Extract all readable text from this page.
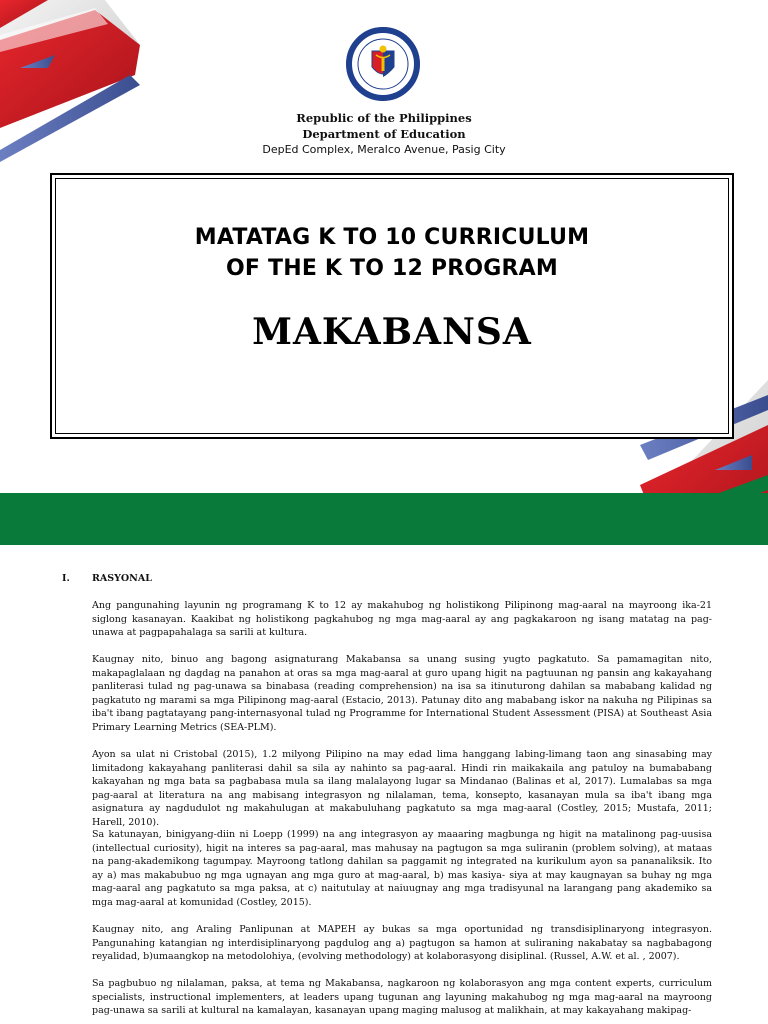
Republic of the Philippines
Department of Education
DepEd Complex, Meralco Avenue, Pasig City
MATATAG K TO 10 CURRICULUM
OF THE K TO 12 PROGRAM
MAKABANSA
I. RASYONAL

Ang pangunahing layunin ng programang K to 12 ay makahubog ng holistikong Pilipinong mag-aaral na mayroong ika-21 siglong kasanayan. Kaakibat ng holistikong pagkahubog ng mga mag-aaral ay ang pagkakaroon ng isang matatag na pag-unawa at pagpapahalaga sa sarili at kultura.

Kaugnay nito, binuo ang bagong asignaturang Makabansa sa unang susing yugto pagkatuto. Sa pamamagitan nito, makapaglalaan ng dagdag na panahon at oras sa mga mag-aaral at guro upang higit na pagtuunan ng pansin ang kakayahang panliterasi tulad ng pag-unawa sa binabasa (reading comprehension) na isa sa itinuturong dahilan sa mababang kalidad ng pagkatuto ng marami sa mga Pilipinong mag-aaral (Estacio, 2013). Patunay dito ang mababang iskor na nakuha ng Pilipinas sa iba't ibang pagtatayang pang-internasyonal tulad ng Programme for International Student Assessment (PISA) at Southeast Asia Primary Learning Metrics (SEA-PLM).

Ayon sa ulat ni Cristobal (2015), 1.2 milyong Pilipino na may edad lima hanggang labing-limang taon ang sinasabing may limitadong kakayahang panliterasi dahil sa sila ay nahinto sa pag-aaral. Hindi rin maikakaila ang patuloy na bumababang kakayahan ng mga bata sa pagbabasa mula sa ilang malalayong lugar sa Mindanao (Balinas et al, 2017). Lumalabas sa mga pag-aaral at literatura na ang mabisang integrasyon ng nilalaman, tema, konsepto, kasanayan mula sa iba't ibang mga asignatura ay nagdudulot ng makahulugan at makabuluhang pagkatuto sa mga mag-aaral (Costley, 2015; Mustafa, 2011; Harell, 2010).

Sa katunayan, binigyang-diin ni Loepp (1999) na ang integrasyon ay maaaring magbunga ng higit na matalinong pag-uusisa (intellectual curiosity), higit na interes sa pag-aaral, mas mahusay na pagtugon sa mga suliranin (problem solving), at mataas na pang-akademikong tagumpay. Mayroong tatlong dahilan sa paggamit ng integrated na kurikulum ayon sa pananaliksik. Ito ay a) mas makabubuo ng mga ugnayan ang mga guro at mag-aaral, b) mas kasiya- siya at may kaugnayan sa buhay ng mga mag-aaral ang pagkatuto sa mga paksa, at c) naitutulay at naiuugnay ang mga tradisyunal na larangang pang akademiko sa mga mag-aaral at komunidad (Costley, 2015).

Kaugnay nito, ang Araling Panlipunan at MAPEH ay bukas sa mga oportunidad ng transdisiplinaryong integrasyon. Pangunahing katangian ng interdisiplinaryong pagdulog ang a) pagtugon sa hamon at suliraning nakabatay sa nagbabagong reyalidad, b)umaangkop na metodolohiya, (evolving methodology) at kolaborasyong disiplinal. (Russel, A.W. et al. , 2007).

Sa pagbubuo ng nilalaman, paksa, at tema ng Makabansa, nagkaroon ng kolaborasyon ang mga content experts, curriculum specialists, instructional implementers, at leaders upang tugunan ang layuning makahubog ng mga mag-aaral na mayroong pag-unawa sa sarili at kultural na kamalayan, kasanayan upang maging malusog at malikhain, at may kakayahang makipag-
